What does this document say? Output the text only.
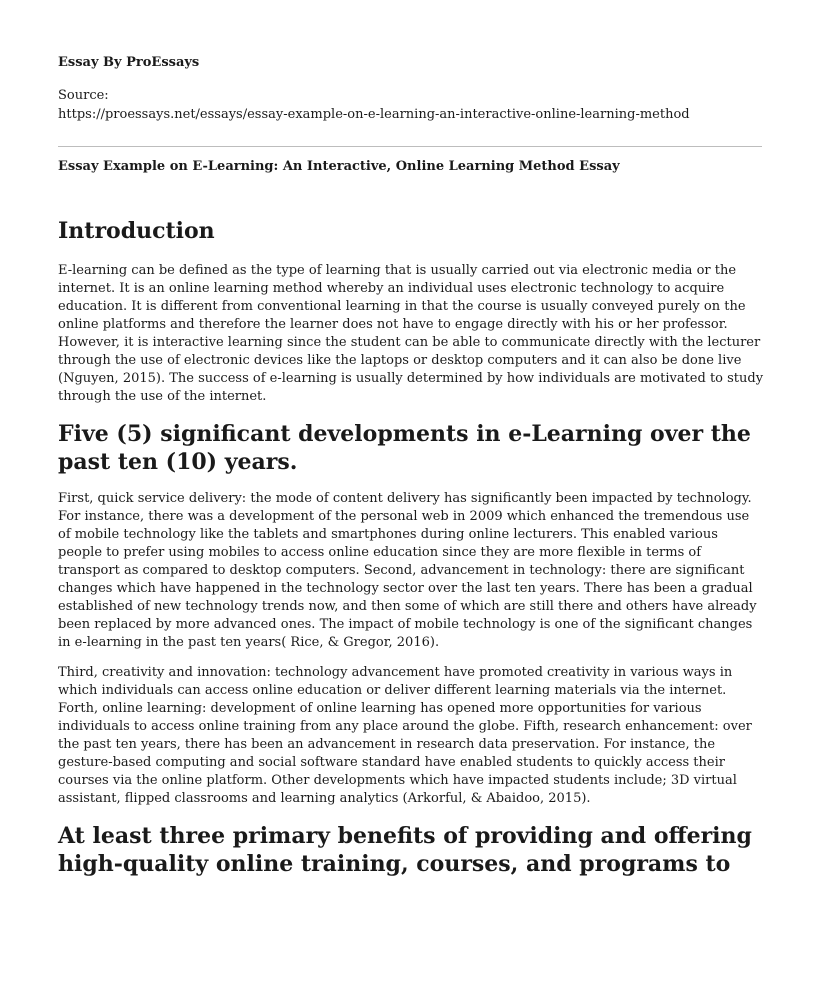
Essay By ProEssays

Source:

https://proessays.net/essays/essay-example-on-e-learning-an-interactive-online-learning-method

Essay Example on E-Learning: An Interactive, Online Learning Method Essay

Introduction

E-learning can be defined as the type of learning that is usually carried out via electronic media or the internet. It is an online learning method whereby an individual uses electronic technology to acquire education. It is different from conventional learning in that the course is usually conveyed purely on the online platforms and therefore the learner does not have to engage directly with his or her professor. However, it is interactive learning since the student can be able to communicate directly with the lecturer through the use of electronic devices like the laptops or desktop computers and it can also be done live (Nguyen, 2015). The success of e-learning is usually determined by how individuals are motivated to study through the use of the internet.

Five (5) significant developments in e-Learning over the past ten (10) years.

First, quick service delivery: the mode of content delivery has significantly been impacted by technology. For instance, there was a development of the personal web in 2009 which enhanced the tremendous use of mobile technology like the tablets and smartphones during online lecturers. This enabled various people to prefer using mobiles to access online education since they are more flexible in terms of transport as compared to desktop computers. Second, advancement in technology: there are significant changes which have happened in the technology sector over the last ten years. There has been a gradual established of new technology trends now, and then some of which are still there and others have already been replaced by more advanced ones. The impact of mobile technology is one of the significant changes in e-learning in the past ten years( Rice, & Gregor, 2016).

Third, creativity and innovation: technology advancement have promoted creativity in various ways in which individuals can access online education or deliver different learning materials via the internet. Forth, online learning: development of online learning has opened more opportunities for various individuals to access online training from any place around the globe. Fifth, research enhancement: over the past ten years, there has been an advancement in research data preservation. For instance, the gesture-based computing and social software standard have enabled students to quickly access their courses via the online platform. Other developments which have impacted students include; 3D virtual assistant, flipped classrooms and learning analytics (Arkorful, & Abaidoo, 2015).

At least three primary benefits of providing and offering high-quality online training, courses, and programs to
